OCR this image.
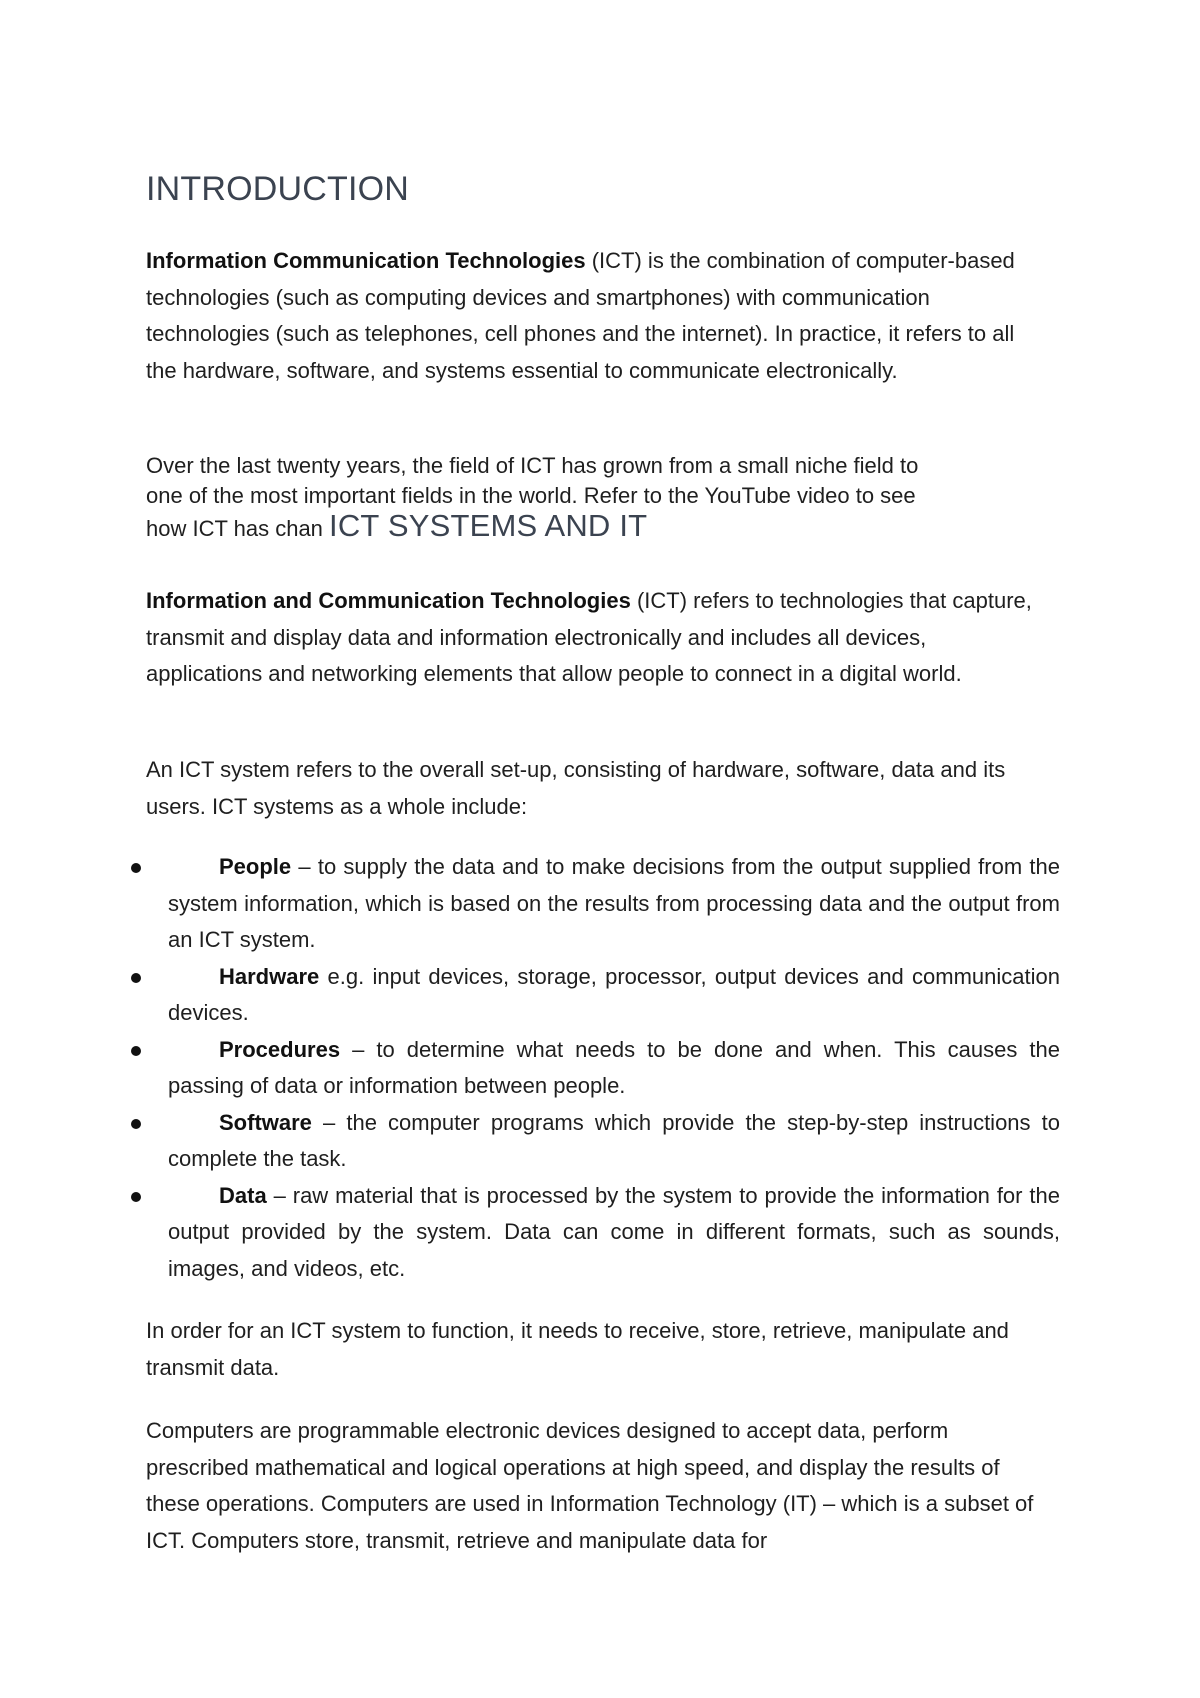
INTRODUCTION
Information Communication Technologies (ICT) is the combination of computer-based technologies (such as computing devices and smartphones) with communication technologies (such as telephones, cell phones and the internet). In practice, it refers to all the hardware, software, and systems essential to communicate electronically.
Over the last twenty years, the field of ICT has grown from a small niche field to
one of the most important fields in the world. Refer to the YouTube video to see
how ICT has chan ICT SYSTEMS AND IT
Information and Communication Technologies (ICT) refers to technologies that capture, transmit and display data and information electronically and includes all devices, applications and networking elements that allow people to connect in a digital world.
An ICT system refers to the overall set-up, consisting of hardware, software, data and its users. ICT systems as a whole include:
People – to supply the data and to make decisions from the output supplied from the system information, which is based on the results from processing data and the output from an ICT system.
Hardware e.g. input devices, storage, processor, output devices and communication devices.
Procedures – to determine what needs to be done and when. This causes the passing of data or information between people.
Software – the computer programs which provide the step-by-step instructions to complete the task.
Data – raw material that is processed by the system to provide the information for the output provided by the system. Data can come in different formats, such as sounds, images, and videos, etc.
In order for an ICT system to function, it needs to receive, store, retrieve, manipulate and transmit data.
Computers are programmable electronic devices designed to accept data, perform prescribed mathematical and logical operations at high speed, and display the results of these operations. Computers are used in Information Technology (IT) – which is a subset of ICT. Computers store, transmit, retrieve and manipulate data for
